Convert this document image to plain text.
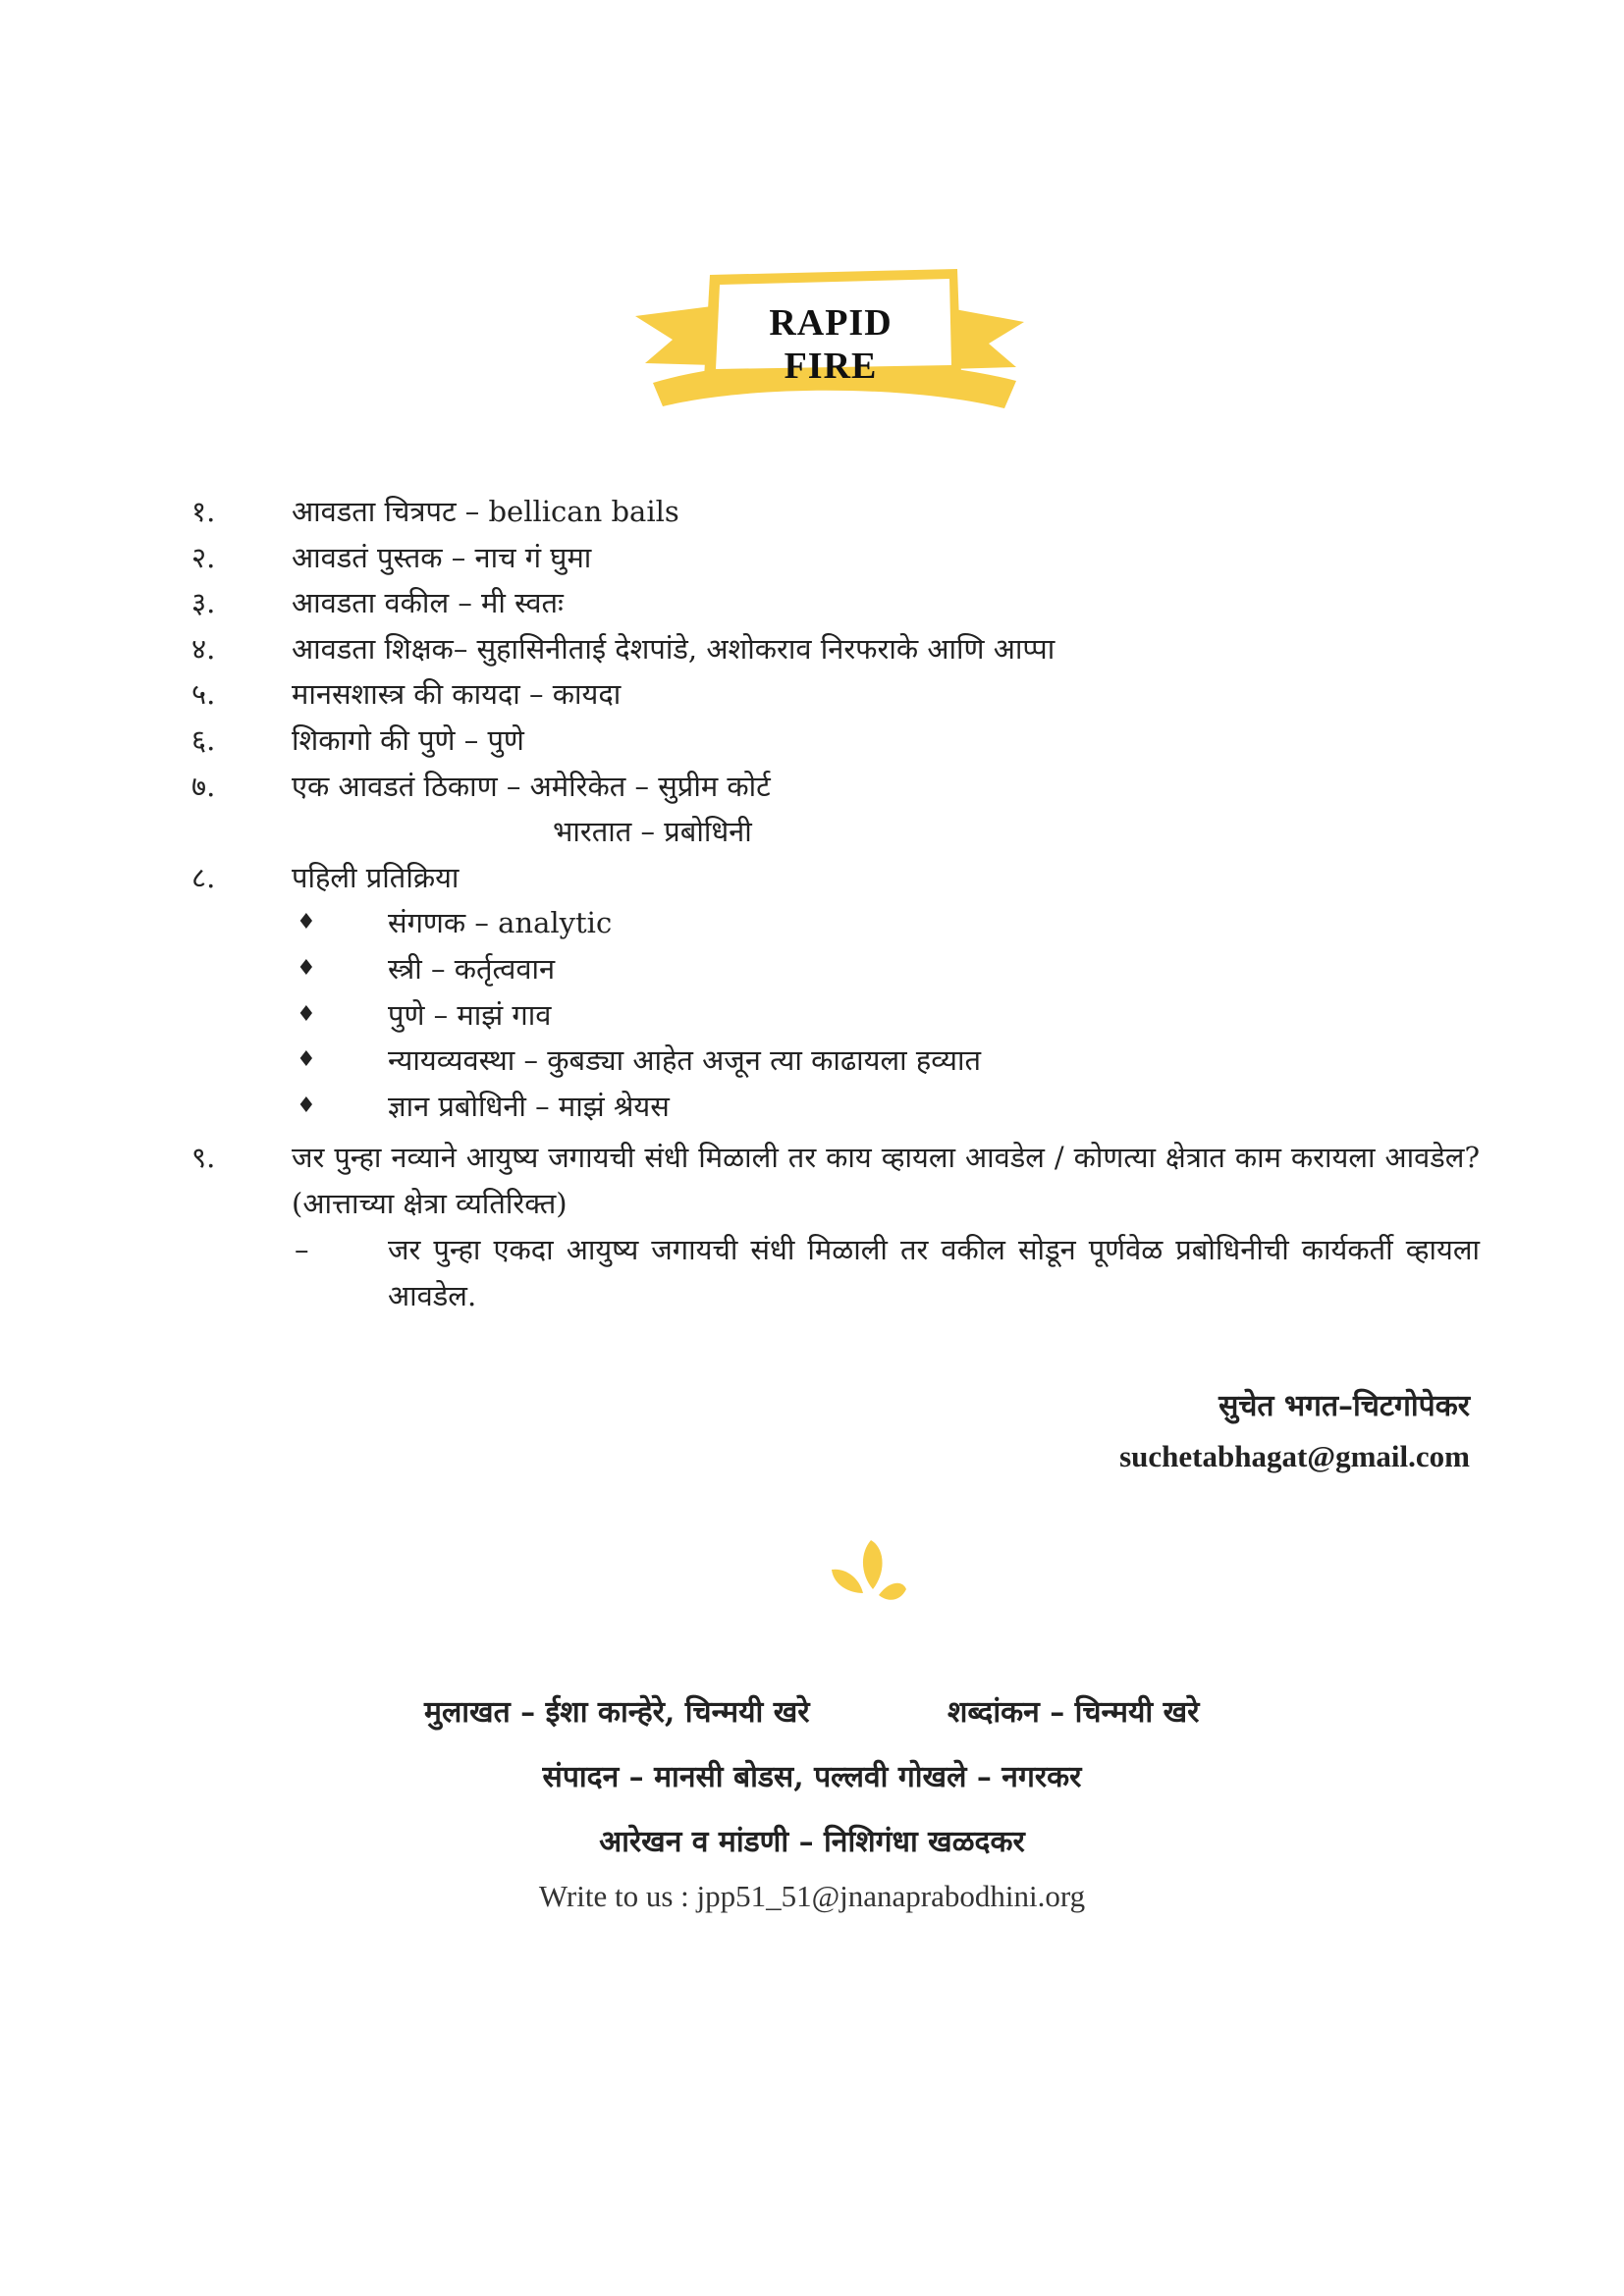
RAPID FIRE
१.	आवडता चित्रपट – bellican bails
२.	आवडतं पुस्तक – नाच गं घुमा
३.	आवडता वकील – मी स्वतः
४.	आवडता शिक्षक– सुहासिनीताई देशपांडे, अशोकराव निरफराके आणि आप्पा
५.	मानसशास्त्र की कायदा – कायदा
६.	शिकागो की पुणे – पुणे
७.	एक आवडतं ठिकाण – अमेरिकेत – सुप्रीम कोर्ट
भारतात – प्रबोधिनी
८.	पहिली प्रतिक्रिया
♦	संगणक – analytic
♦	स्त्री – कर्तृत्ववान
♦	पुणे – माझं गाव
♦	न्यायव्यवस्था – कुबड्या आहेत अजून त्या काढायला हव्यात
♦	ज्ञान प्रबोधिनी – माझं श्रेयस
९.	जर पुन्हा नव्याने आयुष्य जगायची संधी मिळाली तर काय व्हायला आवडेल / कोणत्या क्षेत्रात काम करायला आवडेल? (आत्ताच्या क्षेत्रा व्यतिरिक्त)
–	जर पुन्हा एकदा आयुष्य जगायची संधी मिळाली तर वकील सोडून पूर्णवेळ प्रबोधिनीची कार्यकर्ती व्हायला आवडेल.
सुचेत भगत–चिटगोपेकर
suchetabhagat@gmail.com
मुलाखत – ईशा कान्हेरे, चिन्मयी खरे	शब्दांकन – चिन्मयी खरे
संपादन – मानसी बोडस, पल्लवी गोखले – नगरकर
आरेखन व मांडणी – निशिगंधा खळदकर
Write to us : jpp51_51@jnanaprabodhini.org
